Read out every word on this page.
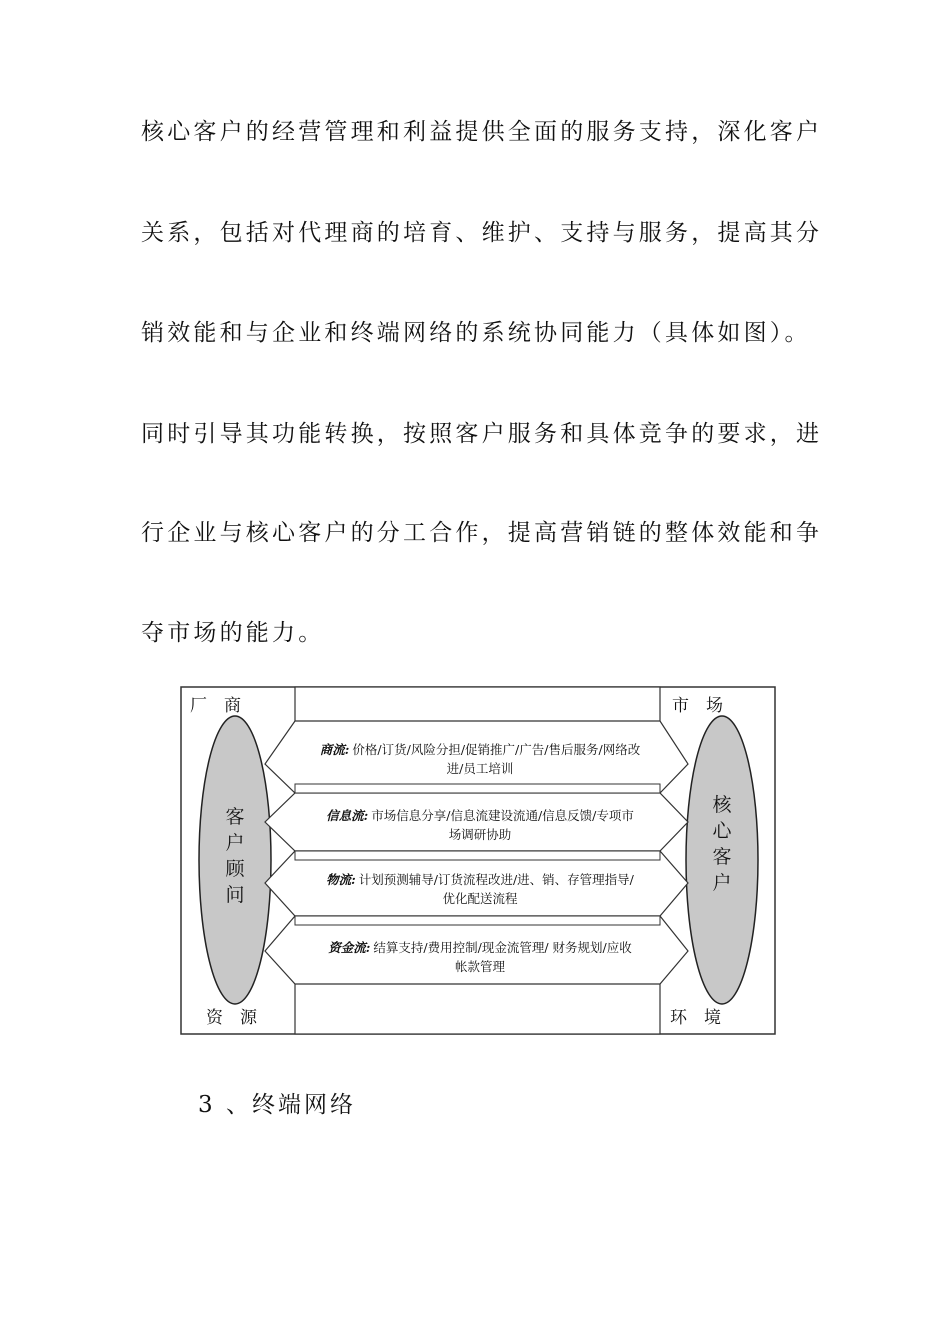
核心客户的经营管理和利益提供全面的服务支持，深化客户
关系，包括对代理商的培育、维护、支持与服务，提高其分
销效能和与企业和终端网络的系统协同能力（具体如图）。
同时引导其功能转换，按照客户服务和具体竞争的要求，进
行企业与核心客户的分工合作，提高营销链的整体效能和争
夺市场的能力。
厂　商	市　场
资　源	环　境
客
户
顾
问
核
心
客
户
商流: 价格/订货/风险分担/促销推广/广告/售后服务/网络改
进/员工培训
信息流: 市场信息分享/信息流建设流通/信息反馈/专项市
场调研协助
物流: 计划预测辅导/订货流程改进/进、销、存管理指导/
优化配送流程
资金流: 结算支持/费用控制/现金流管理/ 财务规划/应收
帐款管理
3 、终端网络
